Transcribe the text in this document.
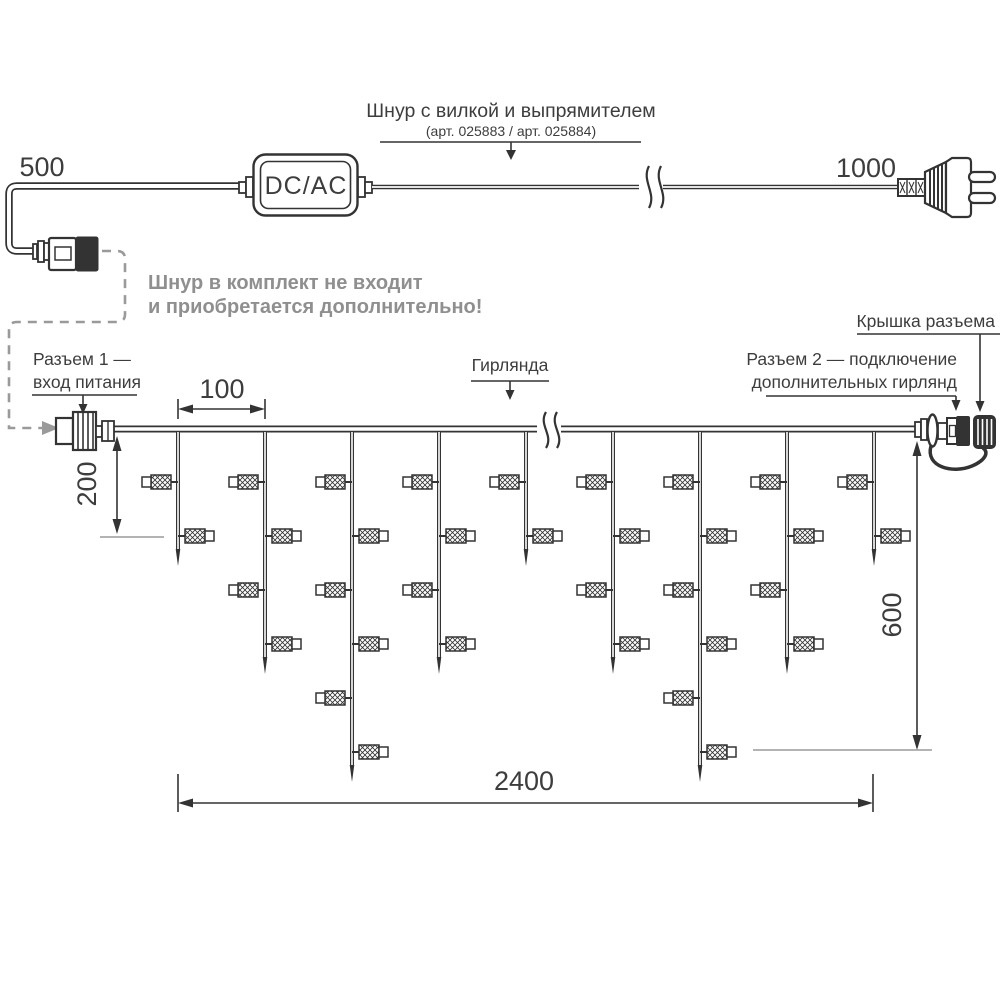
500
DC/AC
1000
Шнур с вилкой и выпрямителем
(арт. 025883 / арт. 025884)
Шнур в комплект не входит
и приобретается дополнительно!
Разъем 1 —
вход питания
Гирлянда
Крышка разъема
Разъем 2 — подключение
дополнительных гирлянд
100
200
600
2400
